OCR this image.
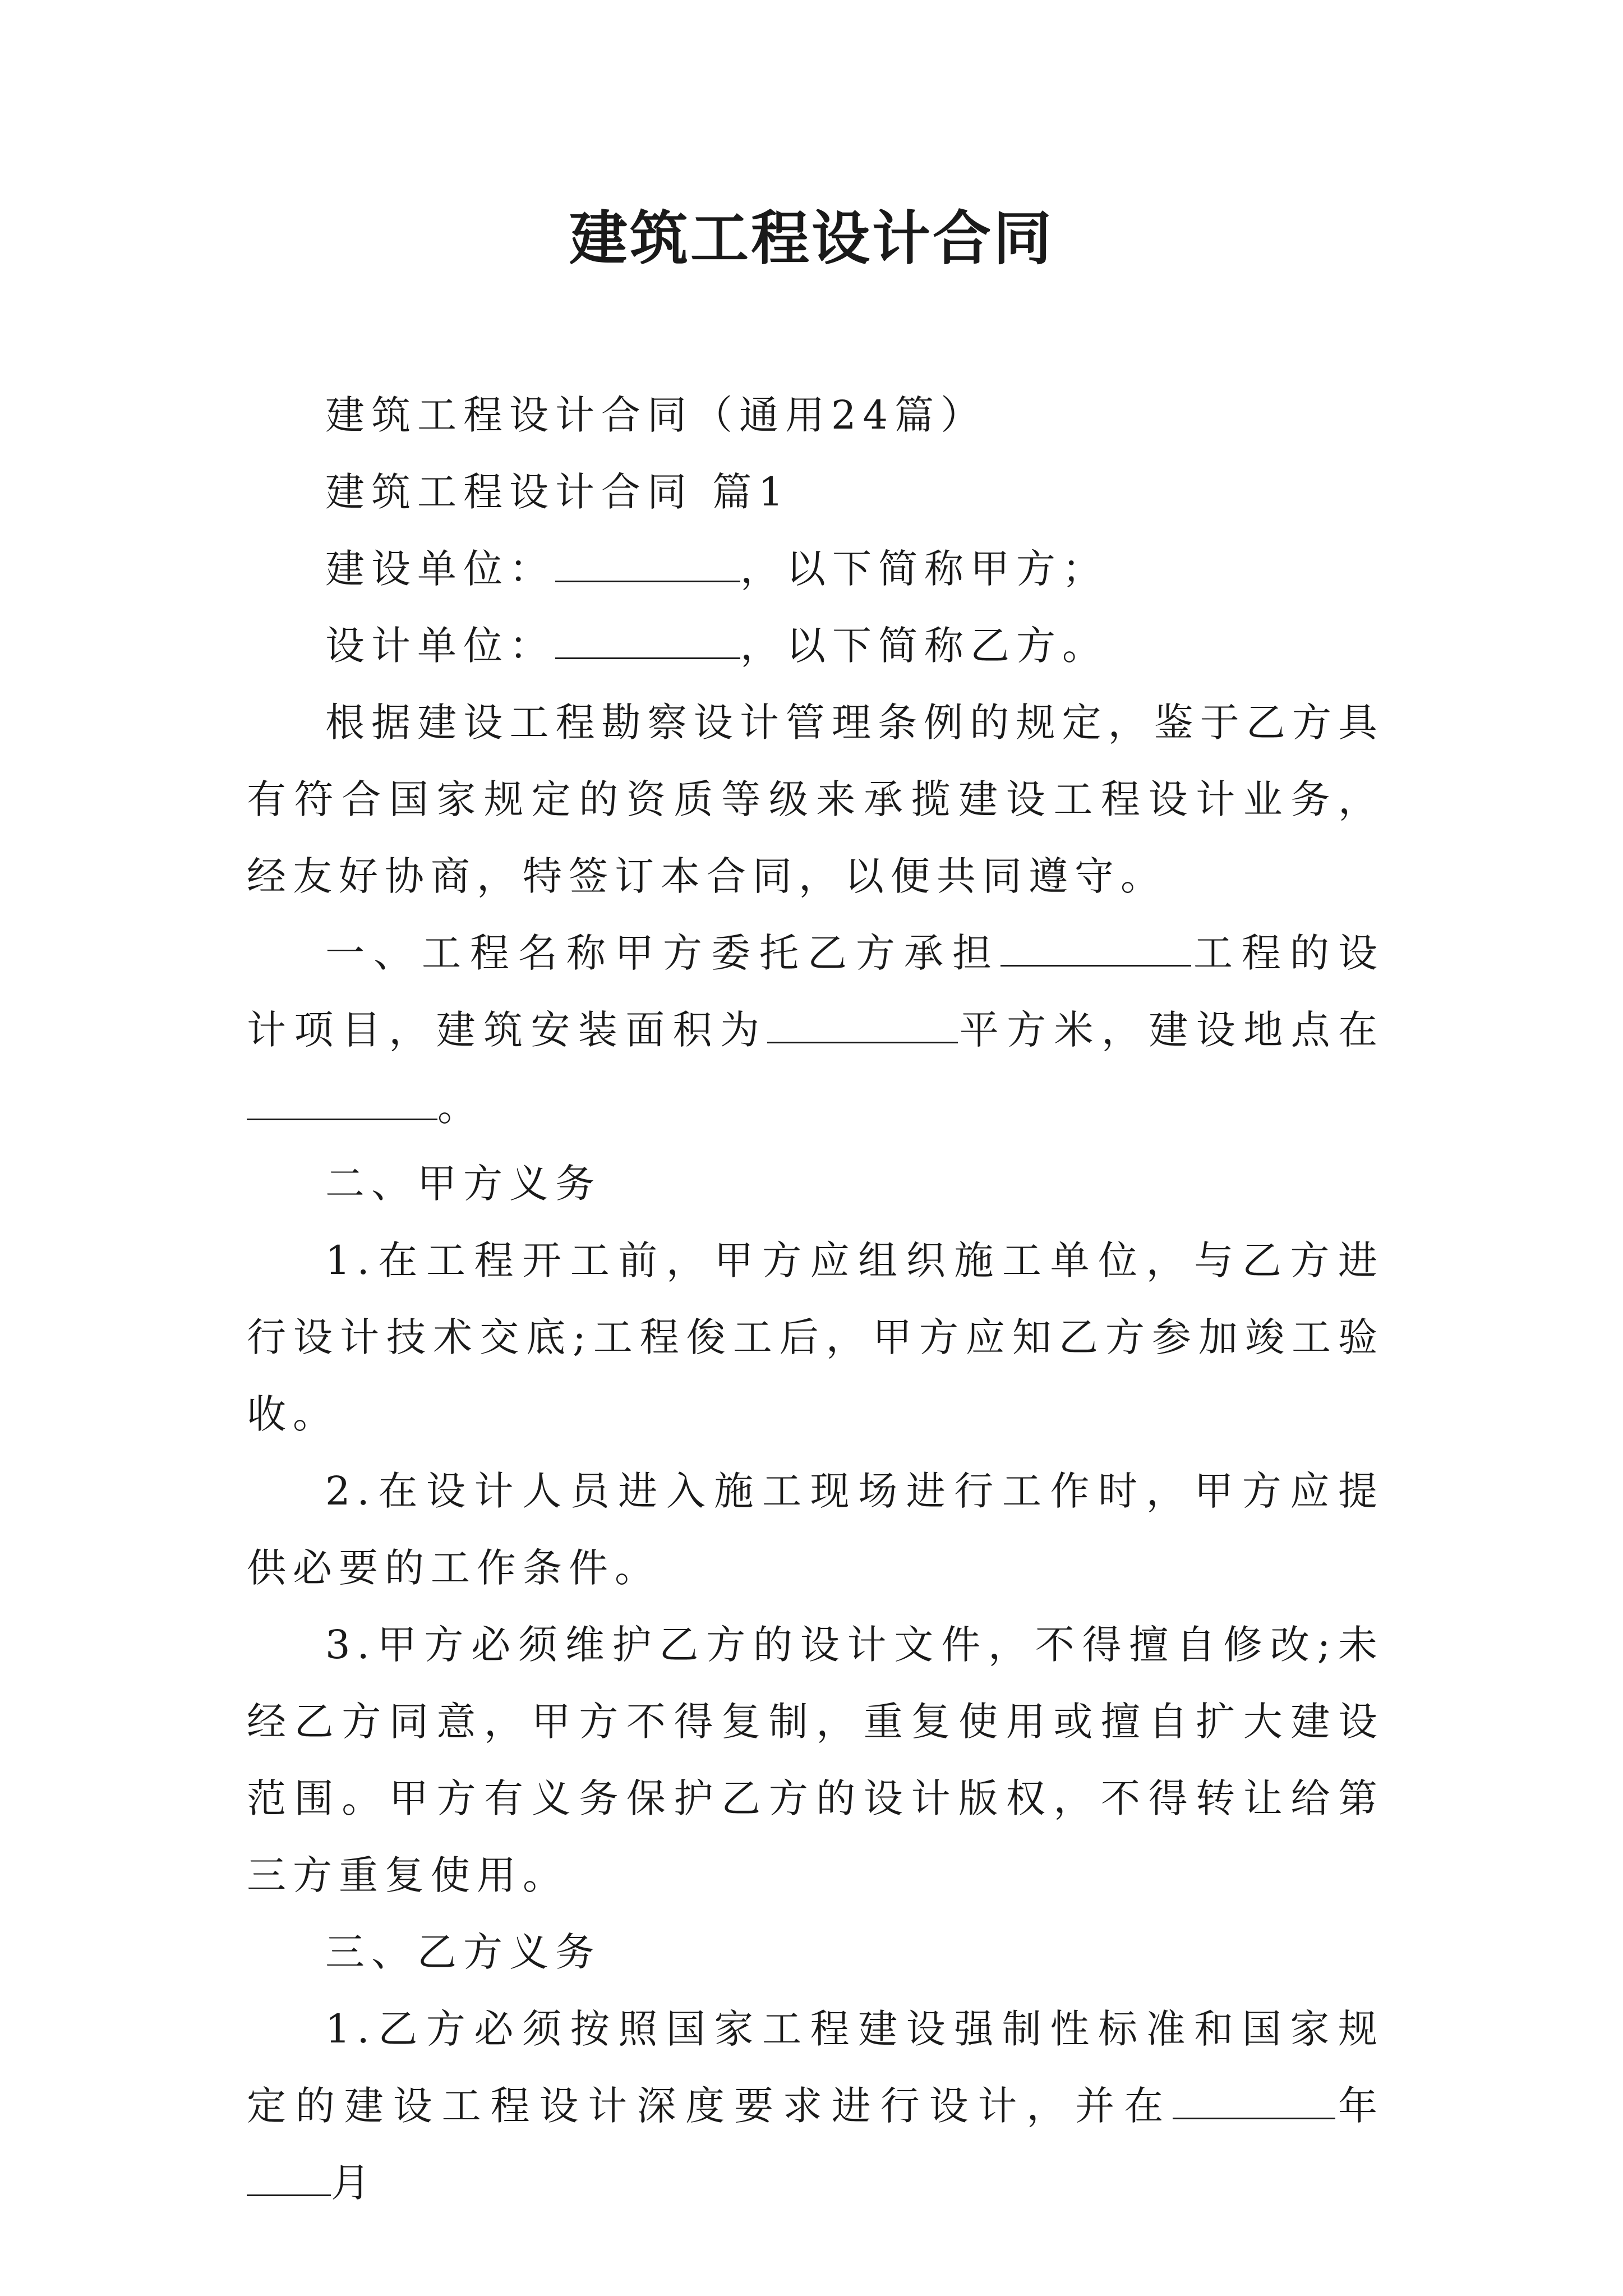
建筑工程设计合同

建筑工程设计合同（通用24篇）

建筑工程设计合同 篇1

建设单位：	，以下简称甲方；

设计单位：	，以下简称乙方。

根据建设工程勘察设计管理条例的规定，鉴于乙方具有符合国家规定的资质等级来承揽建设工程设计业务，经友好协商，特签订本合同，以便共同遵守。

一、工程名称甲方委托乙方承担	工程的设计项目，建筑安装面积为	平方米，建设地点在。

二、甲方义务

1.在工程开工前，甲方应组织施工单位，与乙方进行设计技术交底;工程俊工后，甲方应知乙方参加竣工验收。

2.在设计人员进入施工现场进行工作时，甲方应提供必要的工作条件。

3.甲方必须维护乙方的设计文件，不得擅自修改;未经乙方同意，甲方不得复制，重复使用或擅自扩大建设范围。甲方有义务保护乙方的设计版权，不得转让给第三方重复使用。

三、乙方义务

1.乙方必须按照国家工程建设强制性标准和国家规定的建设工程设计深度要求进行设计，并在	年月
